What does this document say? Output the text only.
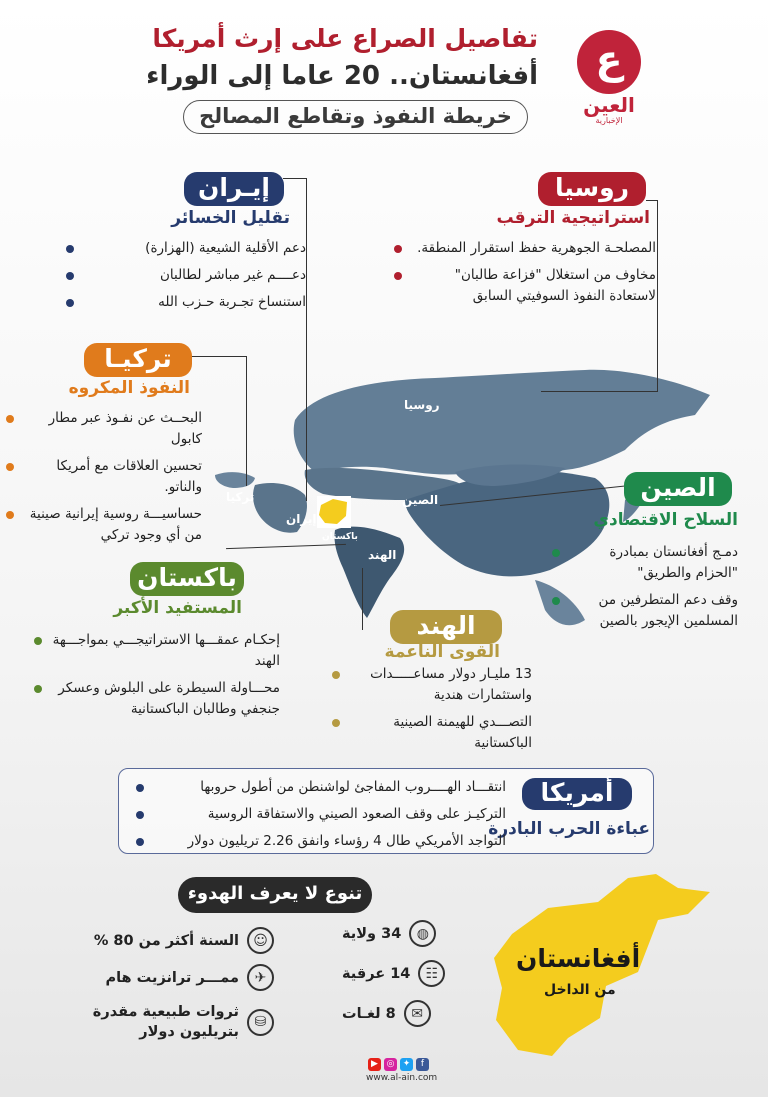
تفاصيل الصراع على إرث أمريكا
أفغانستان.. 20 عاما إلى الوراء
خريطة النفوذ وتقاطع المصالح
ع
العين
الإخبارية
روسيا
الصين
الهند
إيران
تركيا
باكستان
روسيا
استراتيجية الترقب
المصلحـة الجوهرية حفظ استقرار المنطقة.
مخاوف من استغلال "فزاعة طالبان" لاستعادة النفوذ السوفيتي السابق
إيـران
تقليل الخسائر
دعم الأقلية الشيعية (الهزارة)
دعــــم غير مباشر لطالبان
استنساخ تجـربة حـزب الله
تركيـا
النفوذ المكروه
البحــث عن نفـوذ عبر مطار كابول
تحسين العلاقات مع أمريكا والناتو.
حساسيـــة روسية إيرانية صينية من أي وجود تركي
الصين
السلاح الاقتصادي
دمـج أفغانستان بمبادرة "الحزام والطريق"
وقف دعم المتطرفين من المسلمين الإيجور بالصين
باكستان
المستفيد الأكبر
إحكـام عمقـــها الاستراتيجـــي بمواجـــهة الهند
محـــاولة السيطرة على البلوش وعسكر جنجفي وطالبان الباكستانية
الهند
القوى الناعمة
13 مليـار دولار مساعـــــدات واستثمارات هندية
التصـــدي للهيمنة الصينية الباكستانية
أمريكا
عباءة الحرب البادرة
انتقـــاد الهــــروب المفاجئ لواشنطن من أطول حروبها
التركيـز على وقف الصعود الصيني والاستفاقة الروسية
التواجد الأمريكي طال 4 رؤساء وانفق 2.26 تريليون دولار
تنوع لا يعرف الهدوء
◍
34 ولاية
☷
14 عرقية
✉
8 لغـات
☺
السنة أكثر من 80 %
✈
ممـــر ترانزيت هام
⛁
ثروات طبيعية مقدرة بتريليون دولار
أفغانستان
من الداخل
▶ ◎ ✦	f
www.al-ain.com
